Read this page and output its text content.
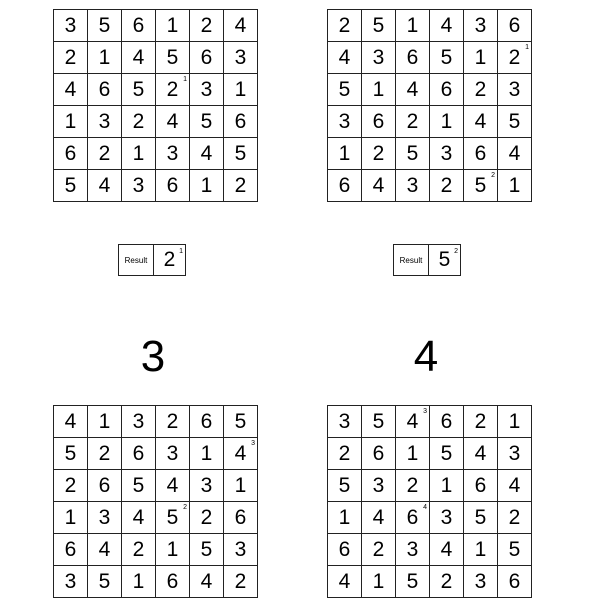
3	5	6	1	2	4
2	1	4	5	6	3
4	6	5	2 1	3	1
1	3	2	4	5	6
6	2	1	3	4	5
5	4	3	6	1	2
2	5	1	4	3	6
4	3	6	5	1	2 1

5	1	4	6	2	3
3	6	2	1	4	5
1	2	5	3	6	4
6	4	3	2	5 2	1
Result	2 1
Result	5 2
3	4
4	1	3	2	6	5
5	2	6	3	1	4 3

2	6	5	4	3	1
1	3	4	5 2	2	6
6	4	2	1	5	3
3	5	1	6	4	2
3	5	4 3	6	2	1
2	6	1	5	4	3
5	3	2	1	6	4
1	4	6 4	3	5	2
6	2	3	4	1	5
4	1	5	2	3	6
